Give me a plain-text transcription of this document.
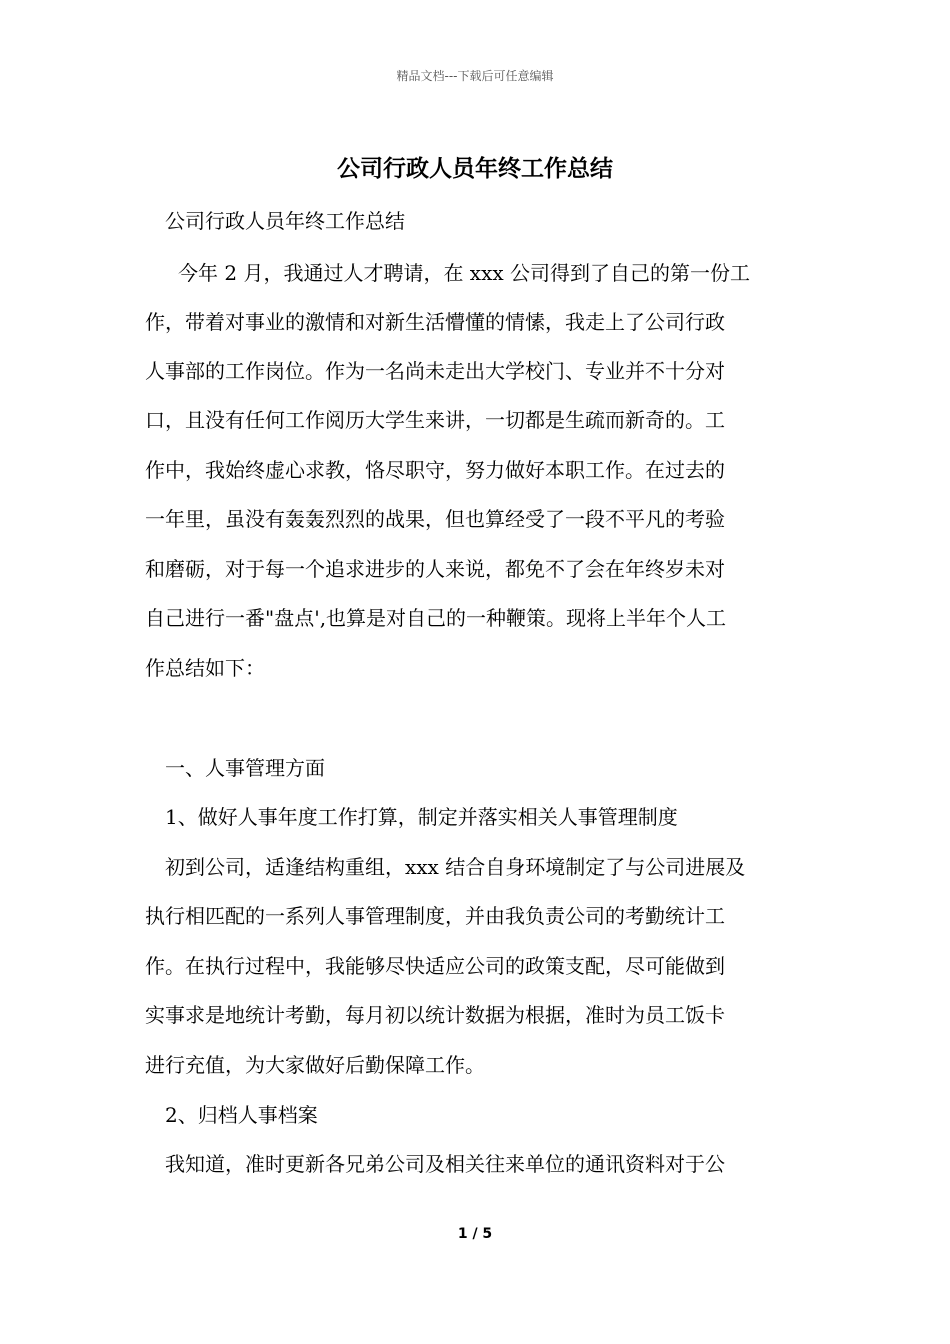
精品文档---下载后可任意编辑
公司行政人员年终工作总结
公司行政人员年终工作总结
今年 2 月，我通过人才聘请，在 xxx 公司得到了自己的第一份工
作，带着对事业的激情和对新生活懵懂的情愫，我走上了公司行政
人事部的工作岗位。作为一名尚未走出大学校门、专业并不十分对
口，且没有任何工作阅历大学生来讲，一切都是生疏而新奇的。工
作中，我始终虚心求教，恪尽职守，努力做好本职工作。在过去的
一年里，虽没有轰轰烈烈的战果，但也算经受了一段不平凡的考验
和磨砺，对于每一个追求进步的人来说，都免不了会在年终岁未对
自己进行一番"盘点',也算是对自己的一种鞭策。现将上半年个人工
作总结如下：
一、人事管理方面
1、做好人事年度工作打算，制定并落实相关人事管理制度
初到公司，适逢结构重组，xxx 结合自身环境制定了与公司进展及
执行相匹配的一系列人事管理制度，并由我负责公司的考勤统计工
作。在执行过程中，我能够尽快适应公司的政策支配，尽可能做到
实事求是地统计考勤，每月初以统计数据为根据，准时为员工饭卡
进行充值，为大家做好后勤保障工作。
2、归档人事档案
我知道，准时更新各兄弟公司及相关往来单位的通讯资料对于公
1 / 5
